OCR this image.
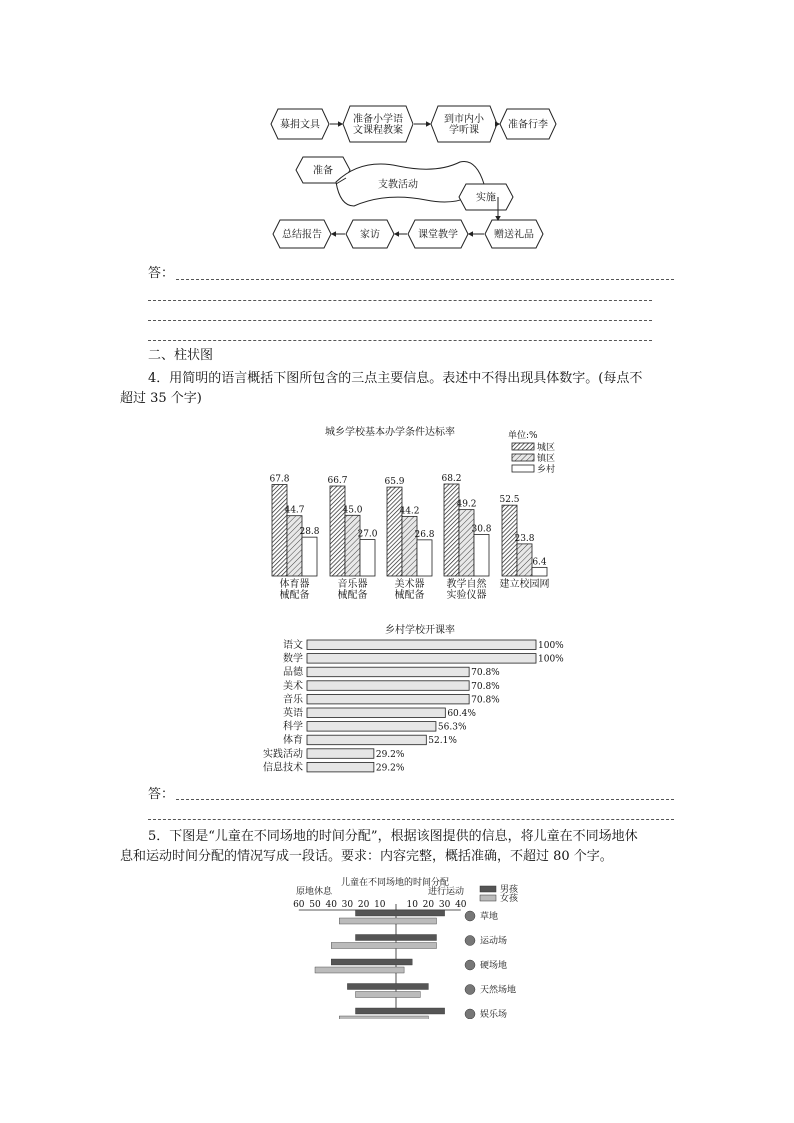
募捐文具	准备小学语
文课程教案
到市内小
学听课	准备行李
准备
支教活动
实施
赠送礼品
课堂教学
家访
总结报告
答：
二、柱状图
4．用简明的语言概括下图所包含的三点主要信息。表述中不得出现具体数字。(每点不
超过 35 个字)
城乡学校基本办学条件达标率	单位:%
城区
镇区
乡村
67.8	66.7	65.9	68.2
52.5
44.7	45.0	44.2
49.2
23.8
28.8	27.0	26.8
30.8
6.4
体育器
械配备
音乐器
械配备
美术器
械配备
教学自然
实验仪器
建立校园网
乡村学校开课率
语文
数学
品德
美术
音乐
英语
科学
体育
实践活动
信息技术
100%
100%
70.8%
70.8%
70.8%
60.4%
56.3%
52.1%
29.2%
29.2%
答：
5．下图是“儿童在不同场地的时间分配”，根据该图提供的信息，将儿童在不同场地休
息和运动时间分配的情况写成一段话。要求：内容完整，概括准确，不超过 80 个字。
儿童在不同场地的时间分配
原地休息	进行运动	男孩
女孩
60 50 40 30 20 10 10 20 30 40
草地
运动场
硬场地
天然场地
娱乐场
